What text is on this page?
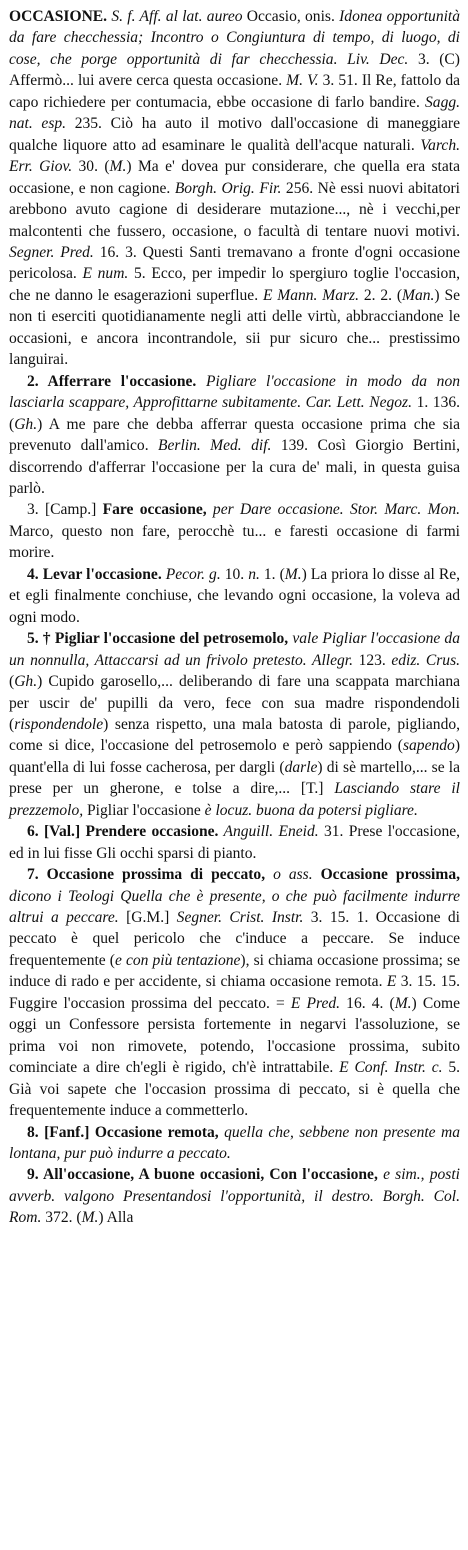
OCCASIONE. S. f. Aff. al lat. aureo Occasio, onis. Idonea opportunità da fare checchessia; Incontro o Congiuntura di tempo, di luogo, di cose, che porge opportunità di far checchessia. Liv. Dec. 3. (C) Affermò... lui avere cerca questa occasione. M. V. 3. 51. Il Re, fattolo da capo richiedere per contumacia, ebbe occasione di farlo bandire. Sagg. nat. esp. 235. Ciò ha auto il motivo dall'occasione di maneggiare qualche liquore atto ad esaminare le qualità dell'acque naturali. Varch. Err. Giov. 30. (M.) Ma e' dovea pur considerare, che quella era stata occasione, e non cagione. Borgh. Orig. Fir. 256. Nè essi nuovi abitatori arebbono avuto cagione di desiderare mutazione..., nè i vecchi,per malcontenti che fussero, occasione, o facultà di tentare nuovi motivi. Segner. Pred. 16. 3. Questi Santi tremavano a fronte d'ogni occasione pericolosa. E num. 5. Ecco, per impedir lo spergiuro toglie l'occasion, che ne danno le esagerazioni superflue. E Mann. Marz. 2. 2. (Man.) Se non ti eserciti quotidianamente negli atti delle virtù, abbracciandone le occasioni, e ancora incontrandole, sii pur sicuro che... prestissimo languirai.

2. Afferrare l'occasione. Pigliare l'occasione in modo da non lasciarla scappare, Approfittarne subitamente. Car. Lett. Negoz. 1. 136. (Gh.) A me pare che debba afferrar questa occasione prima che sia prevenuto dall'amico. Berlin. Med. dif. 139. Così Giorgio Bertini, discorrendo d'afferrar l'occasione per la cura de' mali, in questa guisa parlò.

3. [Camp.] Fare occasione, per Dare occasione. Stor. Marc. Mon. Marco, questo non fare, perocchè tu... e faresti occasione di farmi morire.

4. Levar l'occasione. Pecor. g. 10. n. 1. (M.) La priora lo disse al Re, et egli finalmente conchiuse, che levando ogni occasione, la voleva ad ogni modo.

5. † Pigliar l'occasione del petrosemolo, vale Pigliar l'occasione da un nonnulla, Attaccarsi ad un frivolo pretesto. Allegr. 123. ediz. Crus. (Gh.) Cupido garosello,... deliberando di fare una scappata marchiana per uscir de' pupilli da vero, fece con sua madre rispondendoli (rispondendole) senza rispetto, una mala batosta di parole, pigliando, come si dice, l'occasione del petrosemolo e però sappiendo (sapendo) quant'ella di lui fosse cacherosa, per dargli (darle) di sè martello,... se la prese per un gherone, e tolse a dire,... [T.] Lasciando stare il prezzemolo, Pigliar l'occasione è locuz. buona da potersi pigliare.

6. [Val.] Prendere occasione. Anguill. Eneid. 31. Prese l'occasione, ed in lui fisse Gli occhi sparsi di pianto.

7. Occasione prossima di peccato, o ass. Occasione prossima, dicono i Teologi Quella che è presente, o che può facilmente indurre altrui a peccare. [G.M.] Segner. Crist. Instr. 3. 15. 1. Occasione di peccato è quel pericolo che c'induce a peccare. Se induce frequentemente (e con più tentazione), si chiama occasione prossima; se induce di rado e per accidente, si chiama occasione remota. E 3. 15. 15. Fuggire l'occasion prossima del peccato. = E Pred. 16. 4. (M.) Come oggi un Confessore persista fortemente in negarvi l'assoluzione, se prima voi non rimovete, potendo, l'occasione prossima, subito cominciate a dire ch'egli è rigido, ch'è intrattabile. E Conf. Instr. c. 5. Già voi sapete che l'occasion prossima di peccato, si è quella che frequentemente induce a commetterlo.

8. [Fanf.] Occasione remota, quella che, sebbene non presente ma lontana, pur può indurre a peccato.

9. All'occasione, A buone occasioni, Con l'occasione, e sim., posti avverb. valgono Presentandosi l'opportunità, il destro. Borgh. Col. Rom. 372. (M.) Alla
